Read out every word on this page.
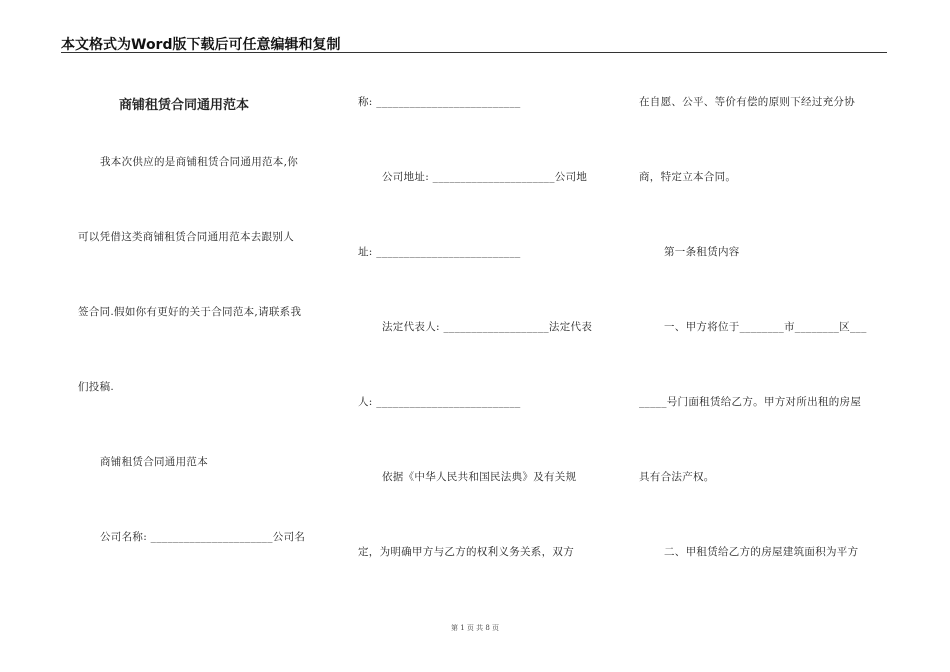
本文格式为Word版下载后可任意编辑和复制
商铺租赁合同通用范本
我本次供应的是商铺租赁合同通用范本,你
可以凭借这类商铺租赁合同通用范本去跟别人
签合同.假如你有更好的关于合同范本,请联系我
们投稿.
商铺租赁合同通用范本
公司名称: ______________________公司名
称: __________________________
公司地址: ______________________公司地
址: __________________________
法定代表人: ___________________法定代表
人: __________________________
依据《中华人民共和国民法典》及有关规
定，为明确甲方与乙方的权利义务关系，双方
在自愿、公平、等价有偿的原则下经过充分协
商，特定立本合同。
第一条租赁内容
一、甲方将位于________市________区___
_____号门面租赁给乙方。甲方对所出租的房屋
具有合法产权。
二、甲租赁给乙方的房屋建筑面积为平方
第 1 页 共 8 页
